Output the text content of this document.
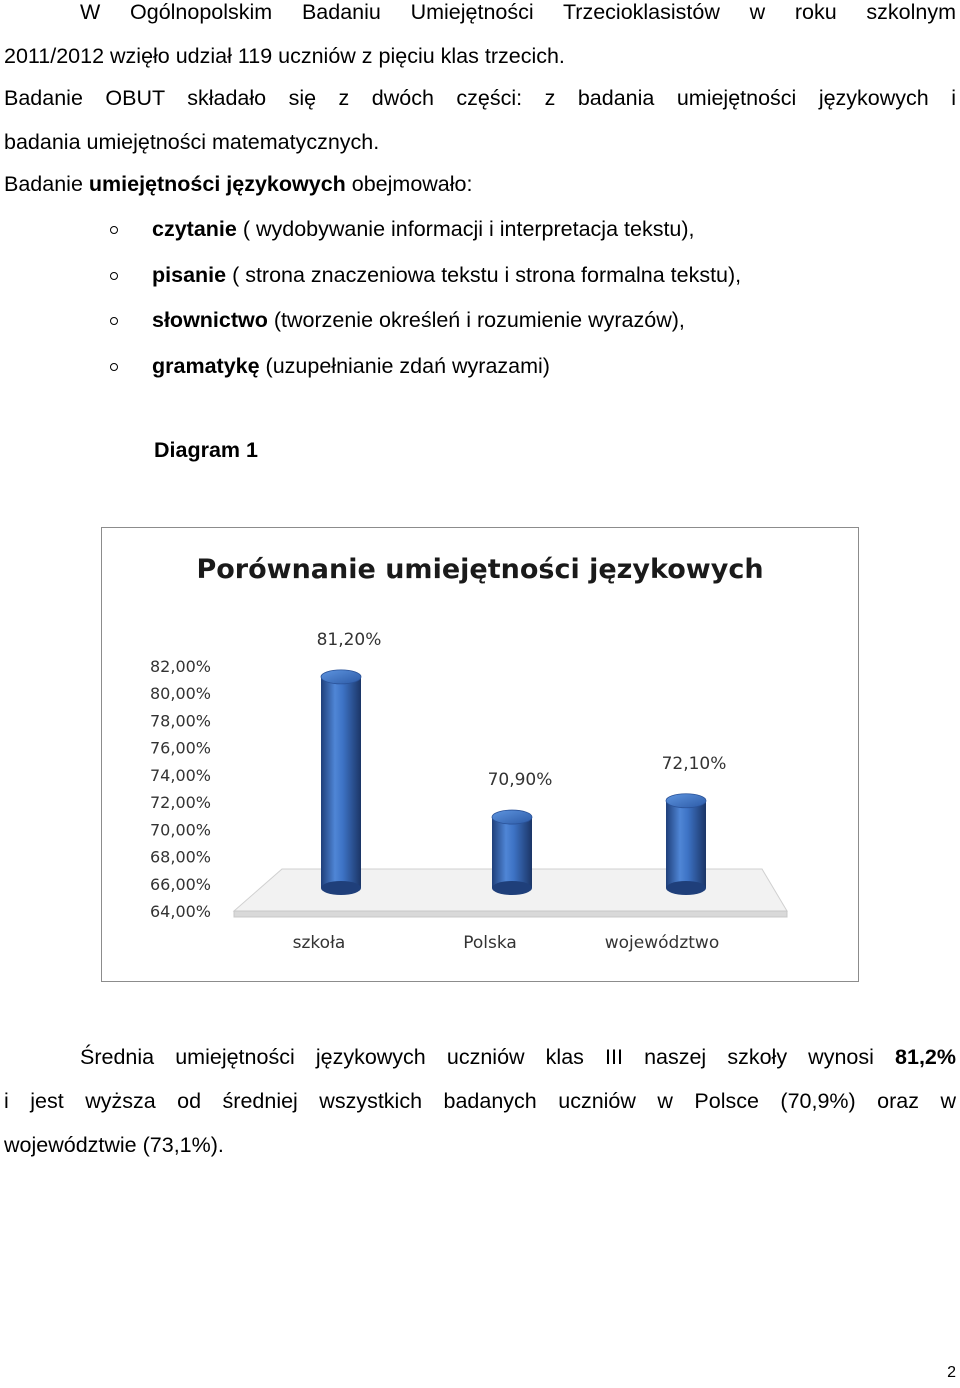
W Ogólnopolskim Badaniu Umiejętności Trzecioklasistów w roku szkolnym

2011/2012 wzięło udział 119 uczniów z pięciu klas trzecich.

Badanie OBUT składało się z dwóch części: z badania umiejętności językowych i

badania umiejętności matematycznych.

Badanie umiejętności językowych obejmowało:

czytanie ( wydobywanie informacji i interpretacja tekstu),
pisanie ( strona znaczeniowa tekstu i strona formalna tekstu),
słownictwo (tworzenie określeń i rozumienie wyrazów),
gramatykę (uzupełnianie zdań wyrazami)

Diagram 1

Porównanie umiejętności językowych
82,00%
80,00%
78,00%
76,00%
74,00%
72,00%
70,00%
68,00%
66,00%
64,00%
81,20%
70,90%
72,10%
szkoła	Polska	województwo
Średnia umiejętności językowych uczniów klas III naszej szkoły wynosi 81,2%
i jest wyższa od średniej wszystkich badanych uczniów w Polsce (70,9%) oraz w
województwie (73,1%).

2
